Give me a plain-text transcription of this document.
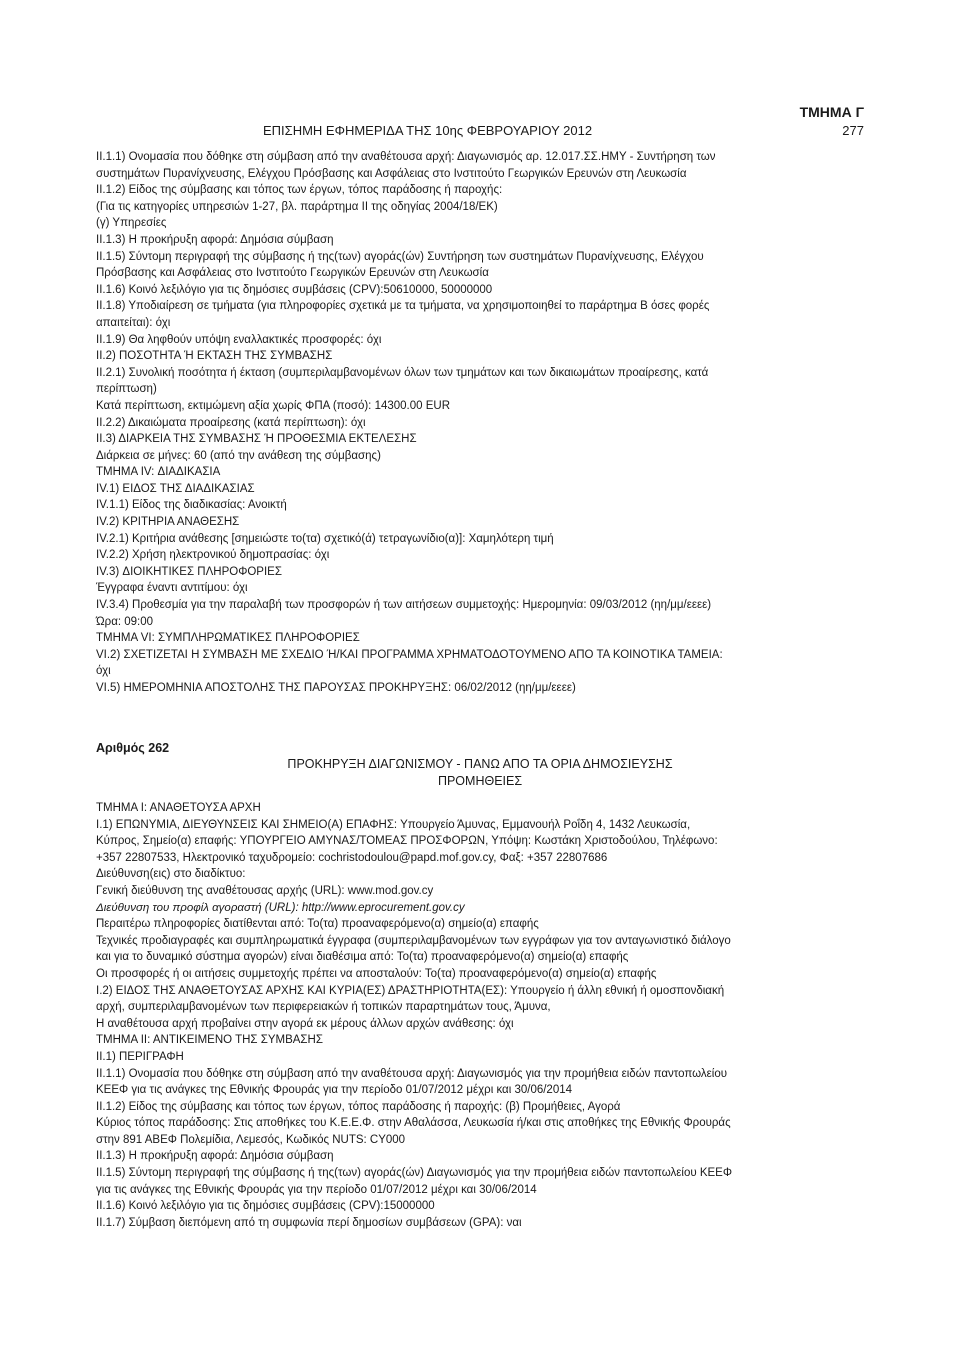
ΤΜΗΜΑ Γ
ΕΠΙΣΗΜΗ ΕΦΗΜΕΡΙΔΑ ΤΗΣ 10ης ΦΕΒΡΟΥΑΡΙΟΥ 2012	277
ΙΙ.1.1) Ονομασία που δόθηκε στη σύμβαση από την αναθέτουσα αρχή: Διαγωνισμός αρ. 12.017.ΣΣ.ΗΜΥ - Συντήρηση των
συστημάτων Πυρανίχνευσης, Ελέγχου Πρόσβασης και Ασφάλειας στο Ινστιτούτο Γεωργικών Ερευνών στη Λευκωσία
ΙΙ.1.2) Είδος της σύμβασης και τόπος των έργων, τόπος παράδοσης ή παροχής:
(Για τις κατηγορίες υπηρεσιών 1-27, βλ. παράρτημα ΙΙ της οδηγίας 2004/18/ΕΚ)
(γ) Υπηρεσίες
ΙΙ.1.3) Η προκήρυξη αφορά: Δημόσια σύμβαση
ΙΙ.1.5) Σύντομη περιγραφή της σύμβασης ή της(των) αγοράς(ών) Συντήρηση των συστημάτων Πυρανίχνευσης, Ελέγχου
Πρόσβασης και Ασφάλειας στο Ινστιτούτο Γεωργικών Ερευνών στη Λευκωσία
ΙΙ.1.6) Κοινό λεξιλόγιο για τις δημόσιες συμβάσεις (CPV):50610000, 50000000
ΙΙ.1.8) Υποδιαίρεση σε τμήματα (για πληροφορίες σχετικά με τα τμήματα, να χρησιμοποιηθεί το παράρτημα Β όσες φορές
απαιτείται): όχι
ΙΙ.1.9) Θα ληφθούν υπόψη εναλλακτικές προσφορές: όχι
ΙΙ.2) ΠΟΣΟΤΗΤΑ Ή ΕΚΤΑΣΗ ΤΗΣ ΣΥΜΒΑΣΗΣ
ΙΙ.2.1) Συνολική ποσότητα ή έκταση (συμπεριλαμβανομένων όλων των τμημάτων και των δικαιωμάτων προαίρεσης, κατά
περίπτωση)
Κατά περίπτωση, εκτιμώμενη αξία χωρίς ΦΠΑ (ποσό): 14300.00 EUR
ΙΙ.2.2) Δικαιώματα προαίρεσης (κατά περίπτωση): όχι
ΙΙ.3) ΔΙΑΡΚΕΙΑ ΤΗΣ ΣΥΜΒΑΣΗΣ Ή ΠΡΟΘΕΣΜΙΑ ΕΚΤΕΛΕΣΗΣ
Διάρκεια σε μήνες: 60 (από την ανάθεση της σύμβασης)
ΤΜΗΜΑ IV: ΔΙΑΔΙΚΑΣΙΑ
IV.1) ΕΙΔΟΣ ΤΗΣ ΔΙΑΔΙΚΑΣΙΑΣ
IV.1.1) Είδος της διαδικασίας: Ανοικτή
IV.2) ΚΡΙΤΗΡΙΑ ΑΝΑΘΕΣΗΣ
IV.2.1) Κριτήρια ανάθεσης [σημειώστε το(τα) σχετικό(ά) τετραγωνίδιο(α)]: Χαμηλότερη τιμή
IV.2.2) Χρήση ηλεκτρονικού δημοπρασίας: όχι
IV.3) ΔΙΟΙΚΗΤΙΚΕΣ ΠΛΗΡΟΦΟΡΙΕΣ
Έγγραφα έναντι αντιτίμου: όχι
IV.3.4) Προθεσμία για την παραλαβή των προσφορών ή των αιτήσεων συμμετοχής: Ημερομηνία: 09/03/2012 (ηη/μμ/εεεε)
Ώρα: 09:00
ΤΜΗΜΑ VI: ΣΥΜΠΛΗΡΩΜΑΤΙΚΕΣ ΠΛΗΡΟΦΟΡΙΕΣ
VI.2) ΣΧΕΤΙΖΕΤΑΙ Η ΣΥΜΒΑΣΗ ΜΕ ΣΧΕΔΙΟ Ή/ΚΑΙ ΠΡΟΓΡΑΜΜΑ ΧΡΗΜΑΤΟΔΟΤΟΥΜΕΝΟ ΑΠΟ ΤΑ ΚΟΙΝΟΤΙΚΑ ΤΑΜΕΙΑ:
όχι
VI.5) ΗΜΕΡΟΜΗΝΙΑ ΑΠΟΣΤΟΛΗΣ ΤΗΣ ΠΑΡΟΥΣΑΣ ΠΡΟΚΗΡΥΞΗΣ: 06/02/2012 (ηη/μμ/εεεε)
Αριθμός 262
ΠΡΟΚΗΡΥΞΗ ΔΙΑΓΩΝΙΣΜΟΥ - ΠΑΝΩ ΑΠΟ ΤΑ ΟΡΙΑ ΔΗΜΟΣΙΕΥΣΗΣ
ΠΡΟΜΗΘΕΙΕΣ
ΤΜΗΜΑ Ι: ΑΝΑΘΕΤΟΥΣΑ ΑΡΧΗ
Ι.1) ΕΠΩΝΥΜΙΑ, ΔΙΕΥΘΥΝΣΕΙΣ ΚΑΙ ΣΗΜΕΙΟ(Α) ΕΠΑΦΗΣ: Υπουργείο Άμυνας, Εμμανουήλ Ροΐδη 4, 1432 Λευκωσία,
Κύπρος, Σημείο(α) επαφής: ΥΠΟΥΡΓΕΙΟ ΑΜΥΝΑΣ/ΤΟΜΕΑΣ ΠΡΟΣΦΟΡΩΝ, Υπόψη: Κωστάκη Χριστοδούλου, Τηλέφωνο:
+357 22807533, Ηλεκτρονικό ταχυδρομείο: cochristodoulou@papd.mof.gov.cy, Φαξ: +357 22807686
Διεύθυνση(εις) στο διαδίκτυο:
Γενική διεύθυνση της αναθέτουσας αρχής (URL): www.mod.gov.cy
Διεύθυνση του προφίλ αγοραστή (URL): http://www.eprocurement.gov.cy
Περαιτέρω πληροφορίες διατίθενται από: Το(τα) προαναφερόμενο(α) σημείο(α) επαφής
Τεχνικές προδιαγραφές και συμπληρωματικά έγγραφα (συμπεριλαμβανομένων των εγγράφων για τον ανταγωνιστικό διάλογο
και για το δυναμικό σύστημα αγορών) είναι διαθέσιμα από: Το(τα) προαναφερόμενο(α) σημείο(α) επαφής
Οι προσφορές ή οι αιτήσεις συμμετοχής πρέπει να αποσταλούν: Το(τα) προαναφερόμενο(α) σημείο(α) επαφής
Ι.2) ΕΙΔΟΣ ΤΗΣ ΑΝΑΘΕΤΟΥΣΑΣ ΑΡΧΗΣ ΚΑΙ ΚΥΡΙΑ(ΕΣ) ΔΡΑΣΤΗΡΙΟΤΗΤΑ(ΕΣ): Υπουργείο ή άλλη εθνική ή ομοσπονδιακή
αρχή, συμπεριλαμβανομένων των περιφερειακών ή τοπικών παραρτημάτων τους, Άμυνα,
Η αναθέτουσα αρχή προβαίνει στην αγορά εκ μέρους άλλων αρχών ανάθεσης: όχι
ΤΜΗΜΑ ΙΙ: ΑΝΤΙΚΕΙΜΕΝΟ ΤΗΣ ΣΥΜΒΑΣΗΣ
ΙΙ.1) ΠΕΡΙΓΡΑΦΗ
ΙΙ.1.1) Ονομασία που δόθηκε στη σύμβαση από την αναθέτουσα αρχή: Διαγωνισμός για την προμήθεια ειδών παντοπωλείου
ΚΕΕΦ για τις ανάγκες της Εθνικής Φρουράς για την περίοδο 01/07/2012 μέχρι και 30/06/2014
ΙΙ.1.2) Είδος της σύμβασης και τόπος των έργων, τόπος παράδοσης ή παροχής: (β) Προμήθειες, Αγορά
Κύριος τόπος παράδοσης: Στις αποθήκες του Κ.Ε.Ε.Φ. στην Αθαλάσσα, Λευκωσία ή/και στις αποθήκες της Εθνικής Φρουράς
στην 891 ΑΒΕΦ Πολεμίδια, Λεμεσός, Κωδικός NUTS: CY000
ΙΙ.1.3) Η προκήρυξη αφορά: Δημόσια σύμβαση
ΙΙ.1.5) Σύντομη περιγραφή της σύμβασης ή της(των) αγοράς(ών) Διαγωνισμός για την προμήθεια ειδών παντοπωλείου ΚΕΕΦ
για τις ανάγκες της Εθνικής Φρουράς για την περίοδο 01/07/2012 μέχρι και 30/06/2014
ΙΙ.1.6) Κοινό λεξιλόγιο για τις δημόσιες συμβάσεις (CPV):15000000
ΙΙ.1.7) Σύμβαση διεπόμενη από τη συμφωνία περί δημοσίων συμβάσεων (GPA): ναι
